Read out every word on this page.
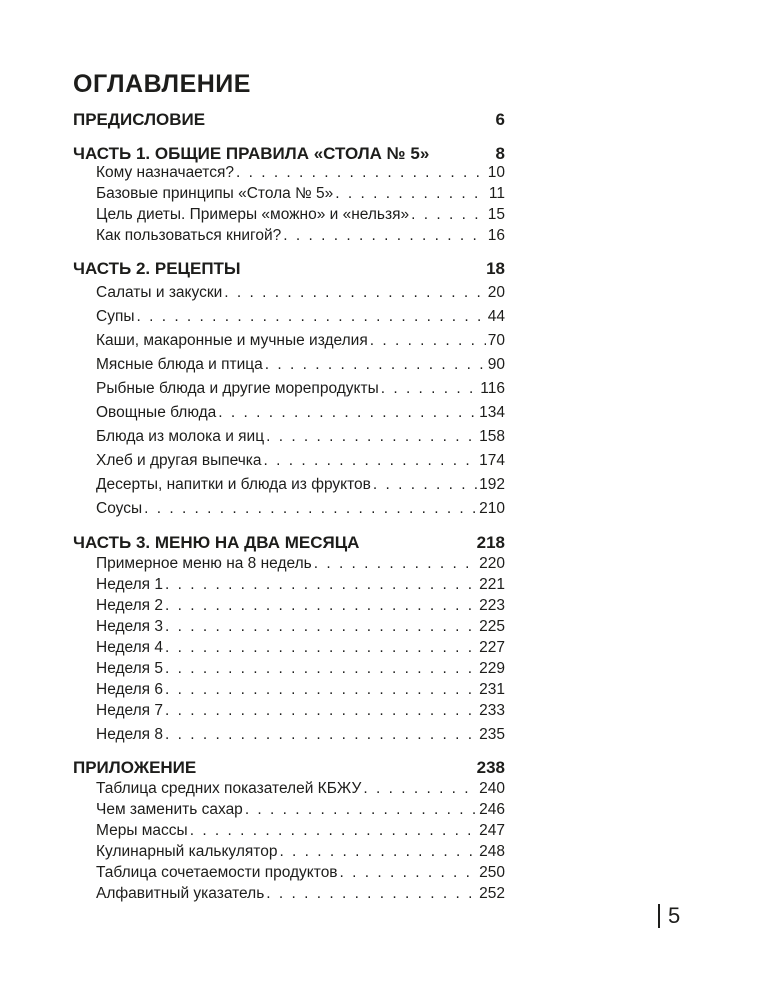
ОГЛАВЛЕНИЕ
ПРЕДИСЛОВИЕ	6
ЧАСТЬ 1. ОБЩИЕ ПРАВИЛА «СТОЛА № 5»	8
Кому назначается? . . .	10
Базовые принципы «Стола № 5» . . .	11
Цель диеты. Примеры «можно» и «нельзя» . . .	15
Как пользоваться книгой? . . .	16
ЧАСТЬ 2. РЕЦЕПТЫ	18
Салаты и закуски . . .	20
Супы . . .	44
Каши, макаронные и мучные изделия . . .	70
Мясные блюда и птица . . .	90
Рыбные блюда и другие морепродукты . . .	116
Овощные блюда . . .	134
Блюда из молока и яиц . . .	158
Хлеб и другая выпечка . . .	174
Десерты, напитки и блюда из фруктов . . .	192
Соусы . . .	210
ЧАСТЬ 3. МЕНЮ НА ДВА МЕСЯЦА	218
Примерное меню на 8 недель . . .	220
Неделя 1 . . .	221
Неделя 2 . . .	223
Неделя 3 . . .	225
Неделя 4 . . .	227
Неделя 5 . . .	229
Неделя 6 . . .	231
Неделя 7 . . .	233
Неделя 8 . . .	235
ПРИЛОЖЕНИЕ	238
Таблица средних показателей КБЖУ . . .	240
Чем заменить сахар . . .	246
Меры массы . . .	247
Кулинарный калькулятор . . .	248
Таблица сочетаемости продуктов . . .	250
Алфавитный указатель . . .	252
5
